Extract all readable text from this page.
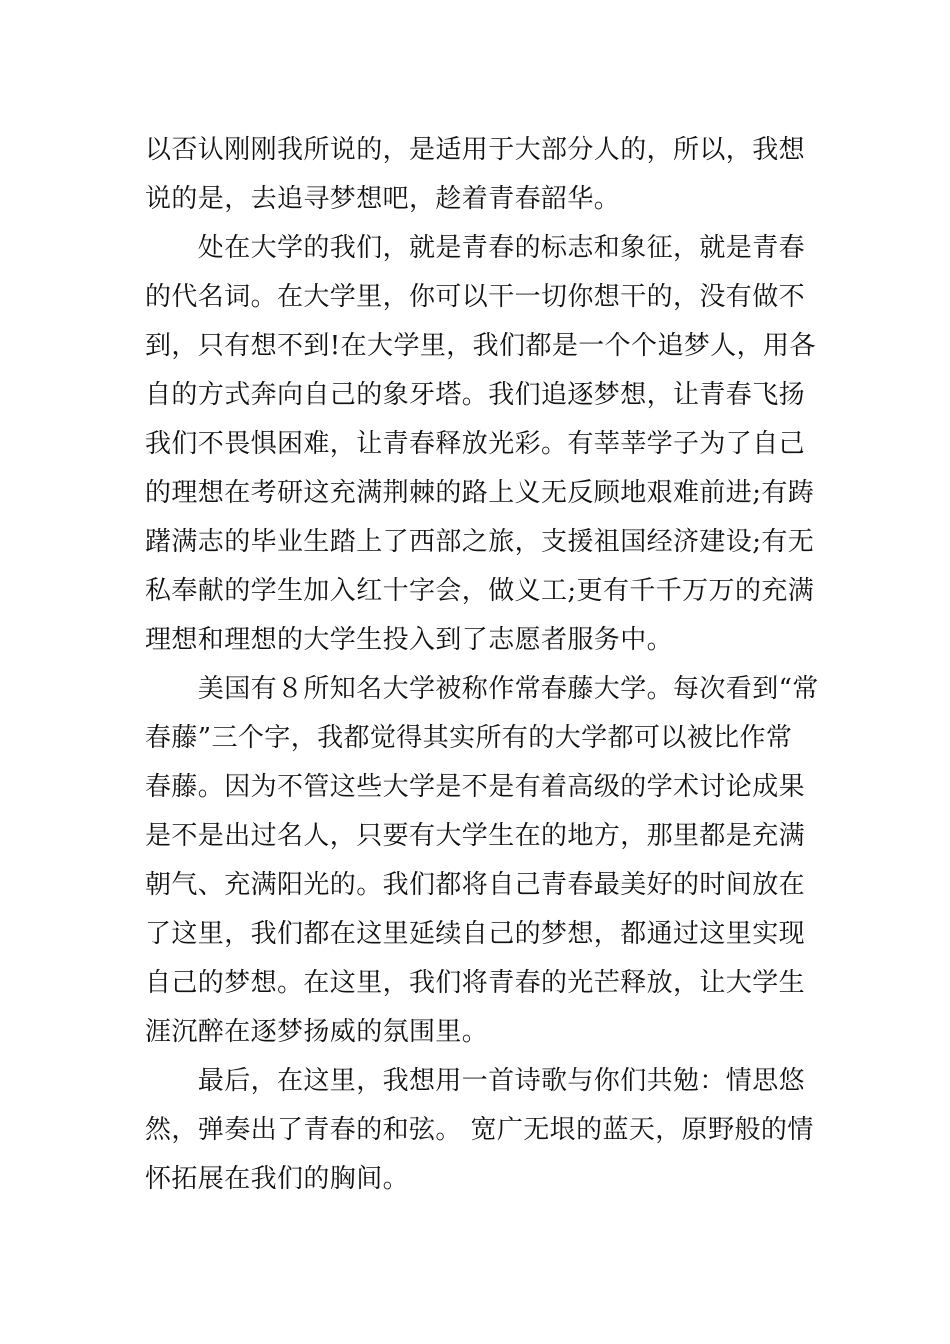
以否认刚刚我所说的，是适用于大部分人的，所以，我想
说的是，去追寻梦想吧，趁着青春韶华。
　　处在大学的我们，就是青春的标志和象征，就是青春
的代名词。在大学里，你可以干一切你想干的，没有做不
到，只有想不到!在大学里，我们都是一个个追梦人，用各
自的方式奔向自己的象牙塔。我们追逐梦想，让青春飞扬
我们不畏惧困难，让青春释放光彩。有莘莘学子为了自己
的理想在考研这充满荆棘的路上义无反顾地艰难前进;有踌
躇满志的毕业生踏上了西部之旅，支援祖国经济建设;有无
私奉献的学生加入红十字会，做义工;更有千千万万的充满
理想和理想的大学生投入到了志愿者服务中。
　　美国有８所知名大学被称作常春藤大学。每次看到“常
春藤”三个字，我都觉得其实所有的大学都可以被比作常
春藤。因为不管这些大学是不是有着高级的学术讨论成果
是不是出过名人，只要有大学生在的地方，那里都是充满
朝气、充满阳光的。我们都将自己青春最美好的时间放在
了这里，我们都在这里延续自己的梦想，都通过这里实现
自己的梦想。在这里，我们将青春的光芒释放，让大学生
涯沉醉在逐梦扬威的氛围里。
　　最后，在这里，我想用一首诗歌与你们共勉：情思悠
然，弹奏出了青春的和弦。 宽广无垠的蓝天，原野般的情
怀拓展在我们的胸间。
